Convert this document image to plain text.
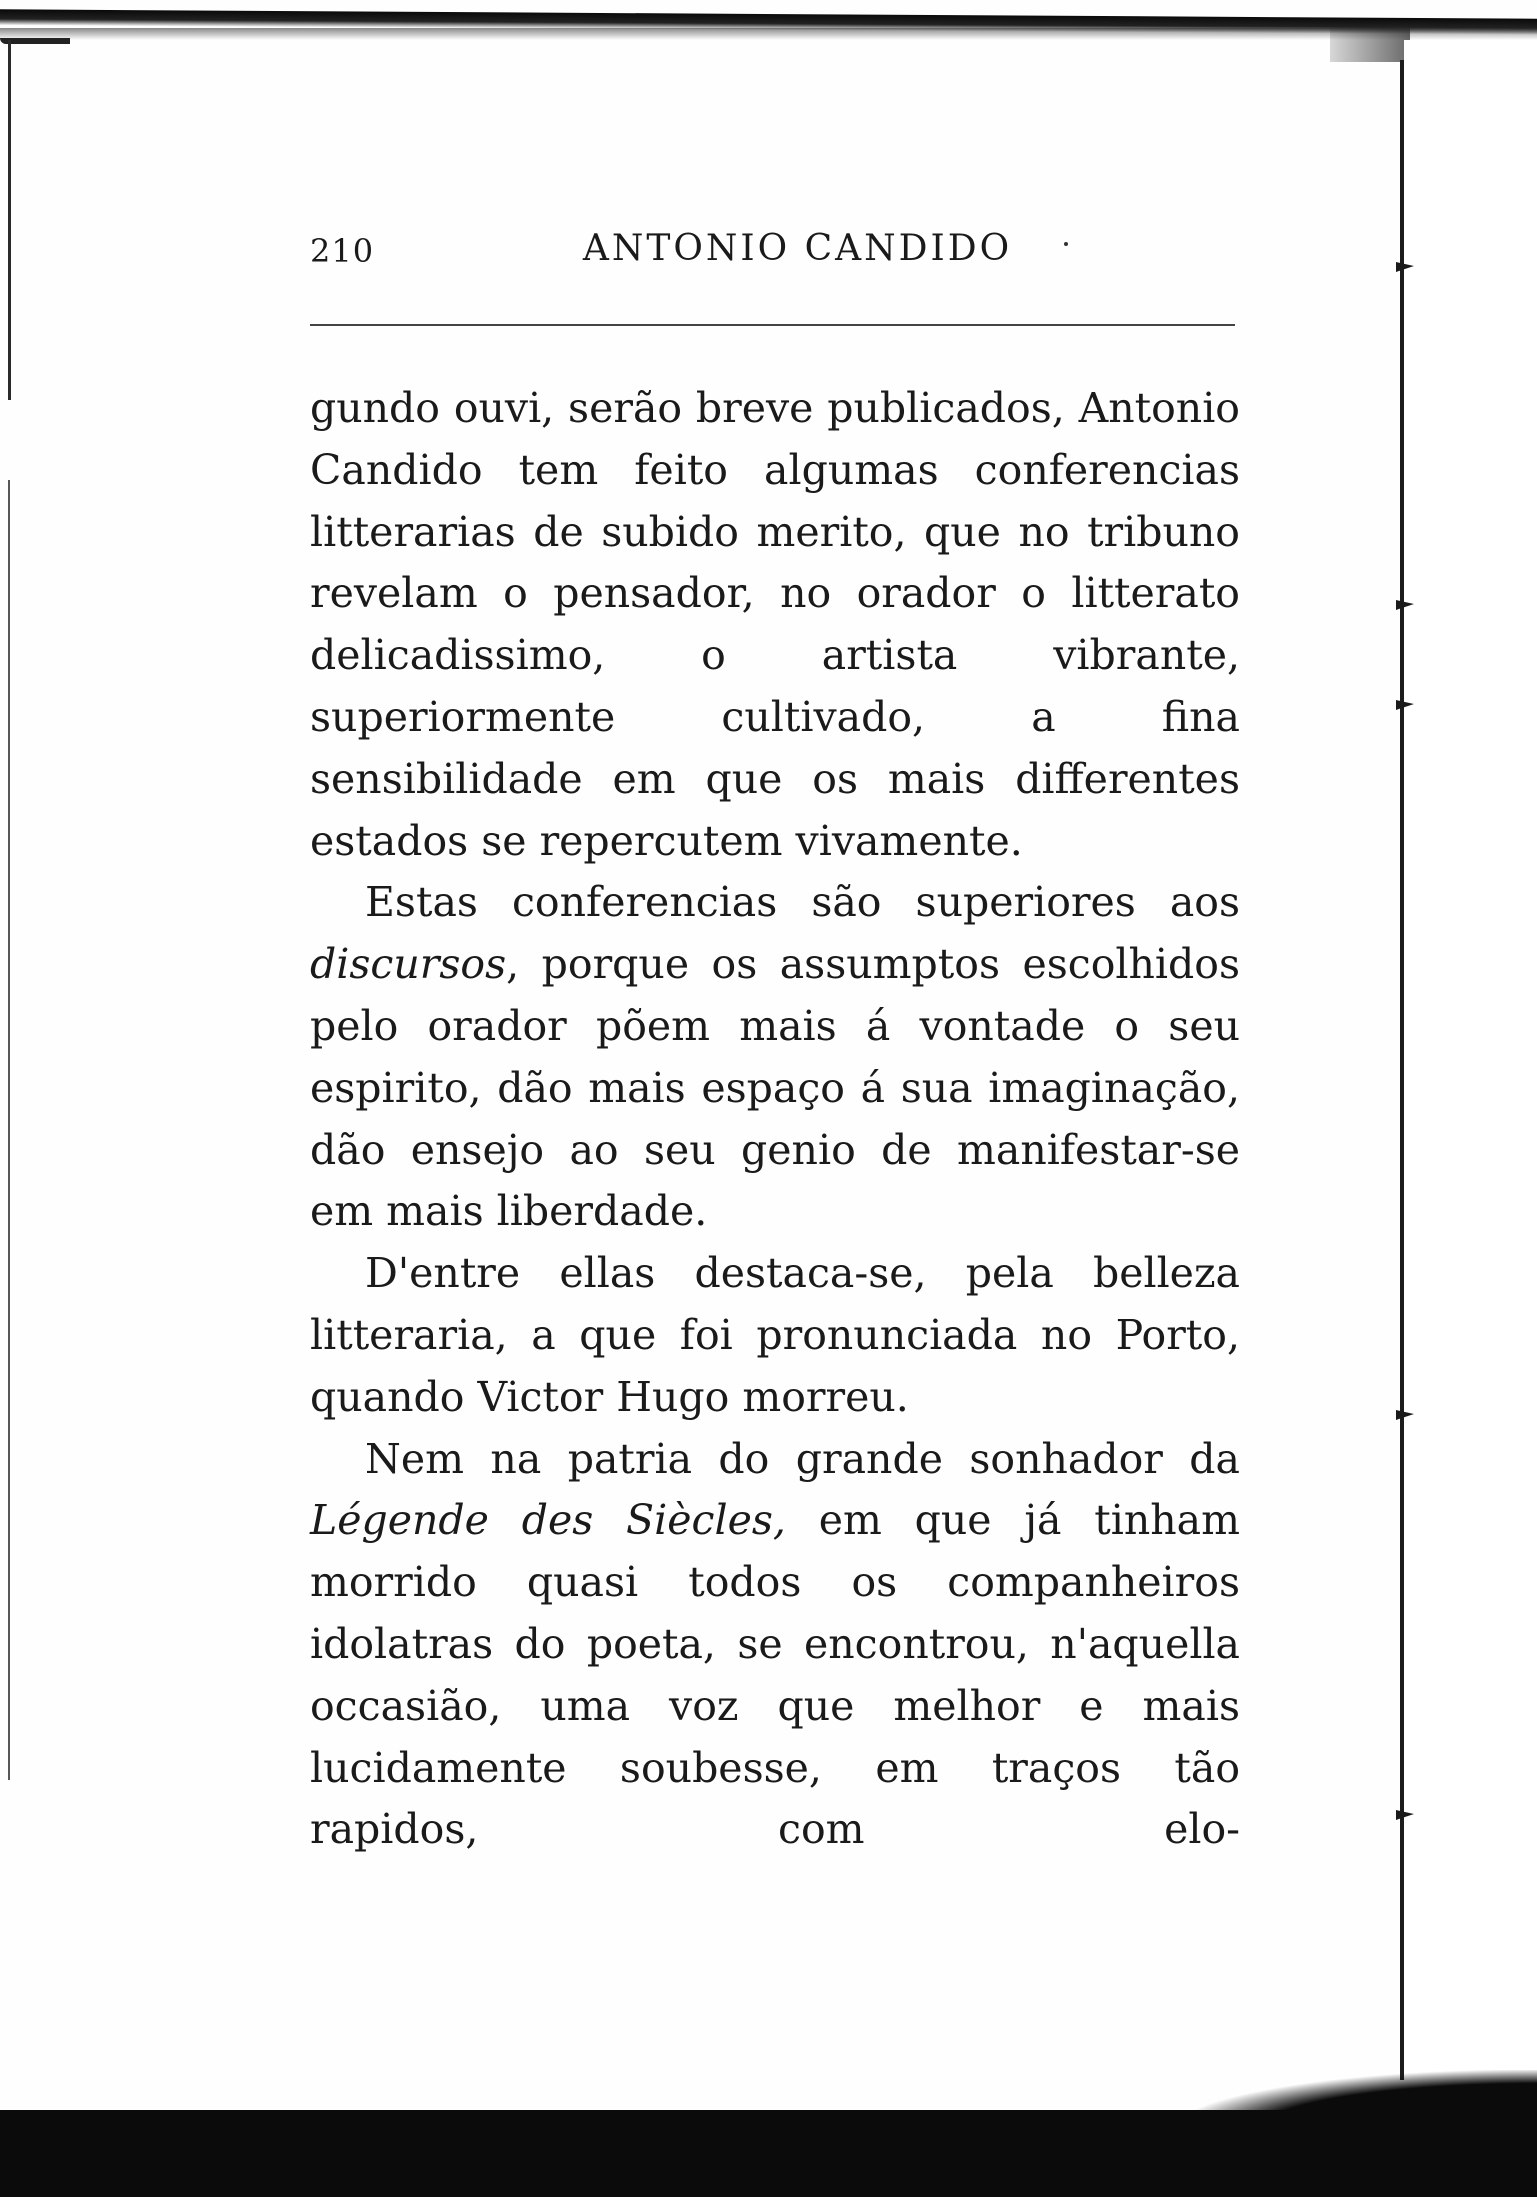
210	ANTONIO CANDIDO

gundo ouvi, serão breve publicados, Antonio Candido tem feito algumas conferencias litterarias de subido merito, que no tribuno revelam o pensador, no orador o litterato delicadissimo, o artista vibrante, superiormente cultivado, a fina sensibilidade em que os mais differentes estados se repercutem vivamente.

Estas conferencias são superiores aos discursos, porque os assumptos escolhidos pelo orador põem mais á vontade o seu espirito, dão mais espaço á sua imaginação, dão ensejo ao seu genio de manifestar-se em mais liberdade.

D'entre ellas destaca-se, pela belleza litteraria, a que foi pronunciada no Porto, quando Victor Hugo morreu.

Nem na patria do grande sonhador da Légende des Siècles, em que já tinham morrido quasi todos os companheiros idolatras do poeta, se encontrou, n'aquella occasião, uma voz que melhor e mais lucidamente soubesse, em traços tão rapidos, com elo-
